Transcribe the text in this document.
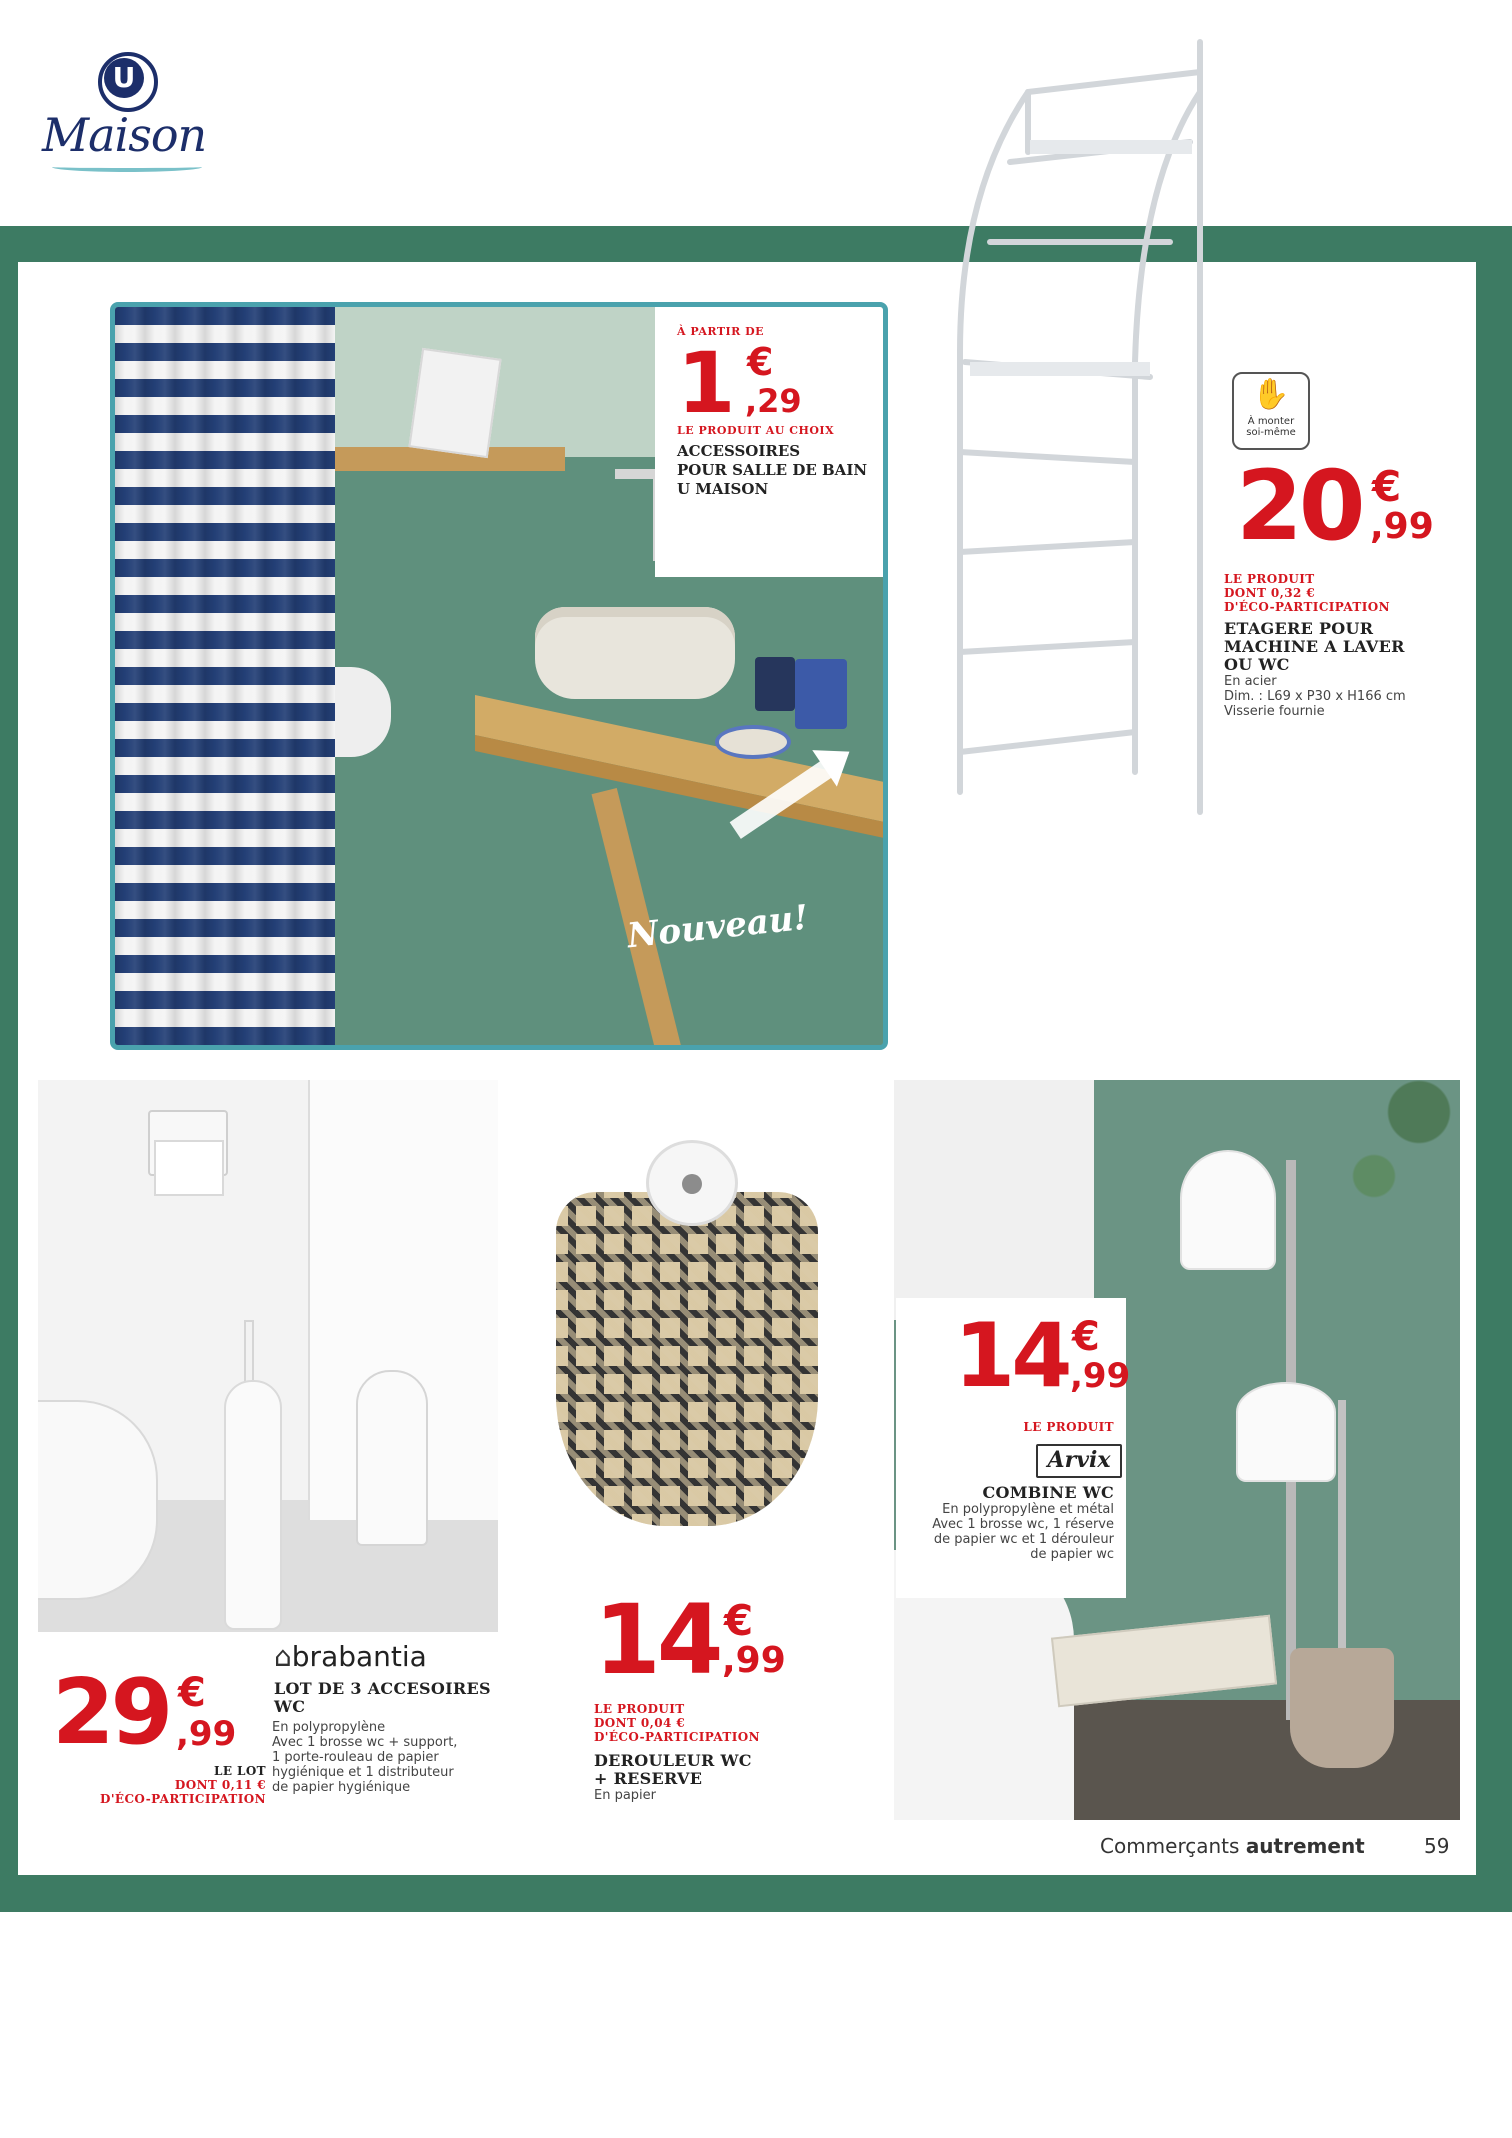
U
Maison
Nouveau!
À PARTIR DE
1 €
,29
LE PRODUIT AU CHOIX
ACCESSOIRES
POUR SALLE DE BAIN
U MAISON
✋
À monter
soi-même
20 €
,99
LE PRODUIT
DONT 0,32 €
D'ÉCO-PARTICIPATION
ETAGERE POUR
MACHINE A LAVER
OU WC
En acier
Dim. : L69 x P30 x H166 cm
Visserie fournie
⌂brabantia
LOT DE 3 ACCESOIRES
WC
29 €
,99
LE LOT
DONT 0,11 €
D'ÉCO-PARTICIPATION
En polypropylène
Avec 1 brosse wc + support,
1 porte-rouleau de papier
hygiénique et 1 distributeur
de papier hygiénique
14 €
,99
LE PRODUIT
DONT 0,04 €
D'ÉCO-PARTICIPATION
DEROULEUR WC
+ RESERVE
En papier
14 €
,99
LE PRODUIT
Arvix
COMBINE WC
En polypropylène et métal
Avec 1 brosse wc, 1 réserve
de papier wc et 1 dérouleur
de papier wc
Commerçants autrement	59
